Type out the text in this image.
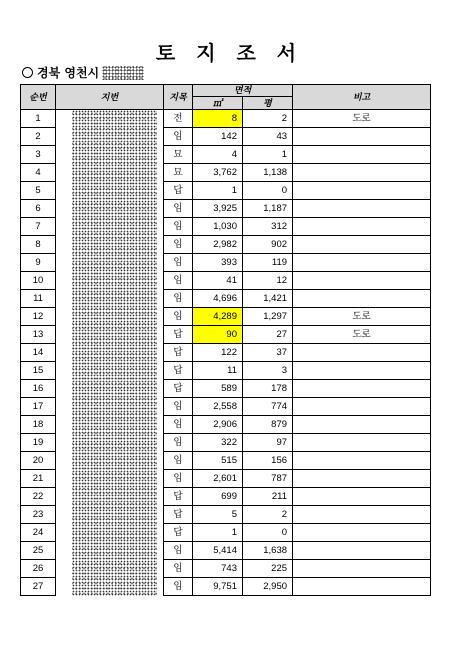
토 지 조 서
경북 영천시
순번	지번	지목	면적		비고
			㎡	평	
1		전	8	2	도로
2		임	142	43	
3		묘	4	1	
4		묘	3,762	1,138	
5		답	1	0	
6		임	3,925	1,187	
7		임	1,030	312	
8		임	2,982	902	
9		임	393	119	
10		임	41	12	
11		임	4,696	1,421	
12		임	4,289	1,297	도로
13		답	90	27	도로
14		답	122	37	
15		답	11	3	
16		답	589	178	
17		임	2,558	774	
18		임	2,906	879	
19		임	322	97	
20		임	515	156	
21		임	2,601	787	
22		답	699	211	
23		답	5	2	
24		답	1	0	
25		임	5,414	1,638	
26		임	743	225	
27		임	9,751	2,950	
